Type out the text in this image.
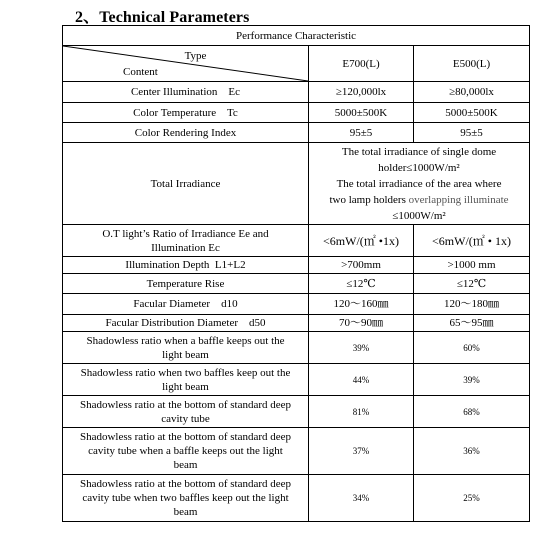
2、Technical Parameters
Performance Characteristic		

Type
Content	E700(L)	E500(L)
Center Illumination    Ec	≥120,000lx	≥80,000lx
Color Temperature    Tc	5000±500K	5000±500K
Color Rendering Index	95±5	95±5
Total Irradiance	The total irradiance of single dome
holder≤1000W/m²
The total irradiance of the area where
two lamp holders overlapping illuminate
≤1000W/m²	

O.T light’s Ratio of Irradiance Ee and
Illumination Ec	<6mW/(㎡ •1x)	<6mW/(㎡ • 1x)
Illumination Depth  L1+L2	>700mm	>1000 mm
Temperature Rise	≤12℃	≤12℃
Facular Diameter    d10	120～160㎜	120～180㎜
Facular Distribution Diameter    d50	70～90㎜	65～95㎜

Shadowless ratio when a baffle keeps out the
light beam	39%	60%

Shadowless ratio when two baffles keep out the
light beam	44%	39%

Shadowless ratio at the bottom of standard deep
cavity tube	81%	68%

Shadowless ratio at the bottom of standard deep
cavity tube when a baffle keeps out the light
beam	37%	36%

Shadowless ratio at the bottom of standard deep
cavity tube when two baffles keep out the light
beam	34%	25%
